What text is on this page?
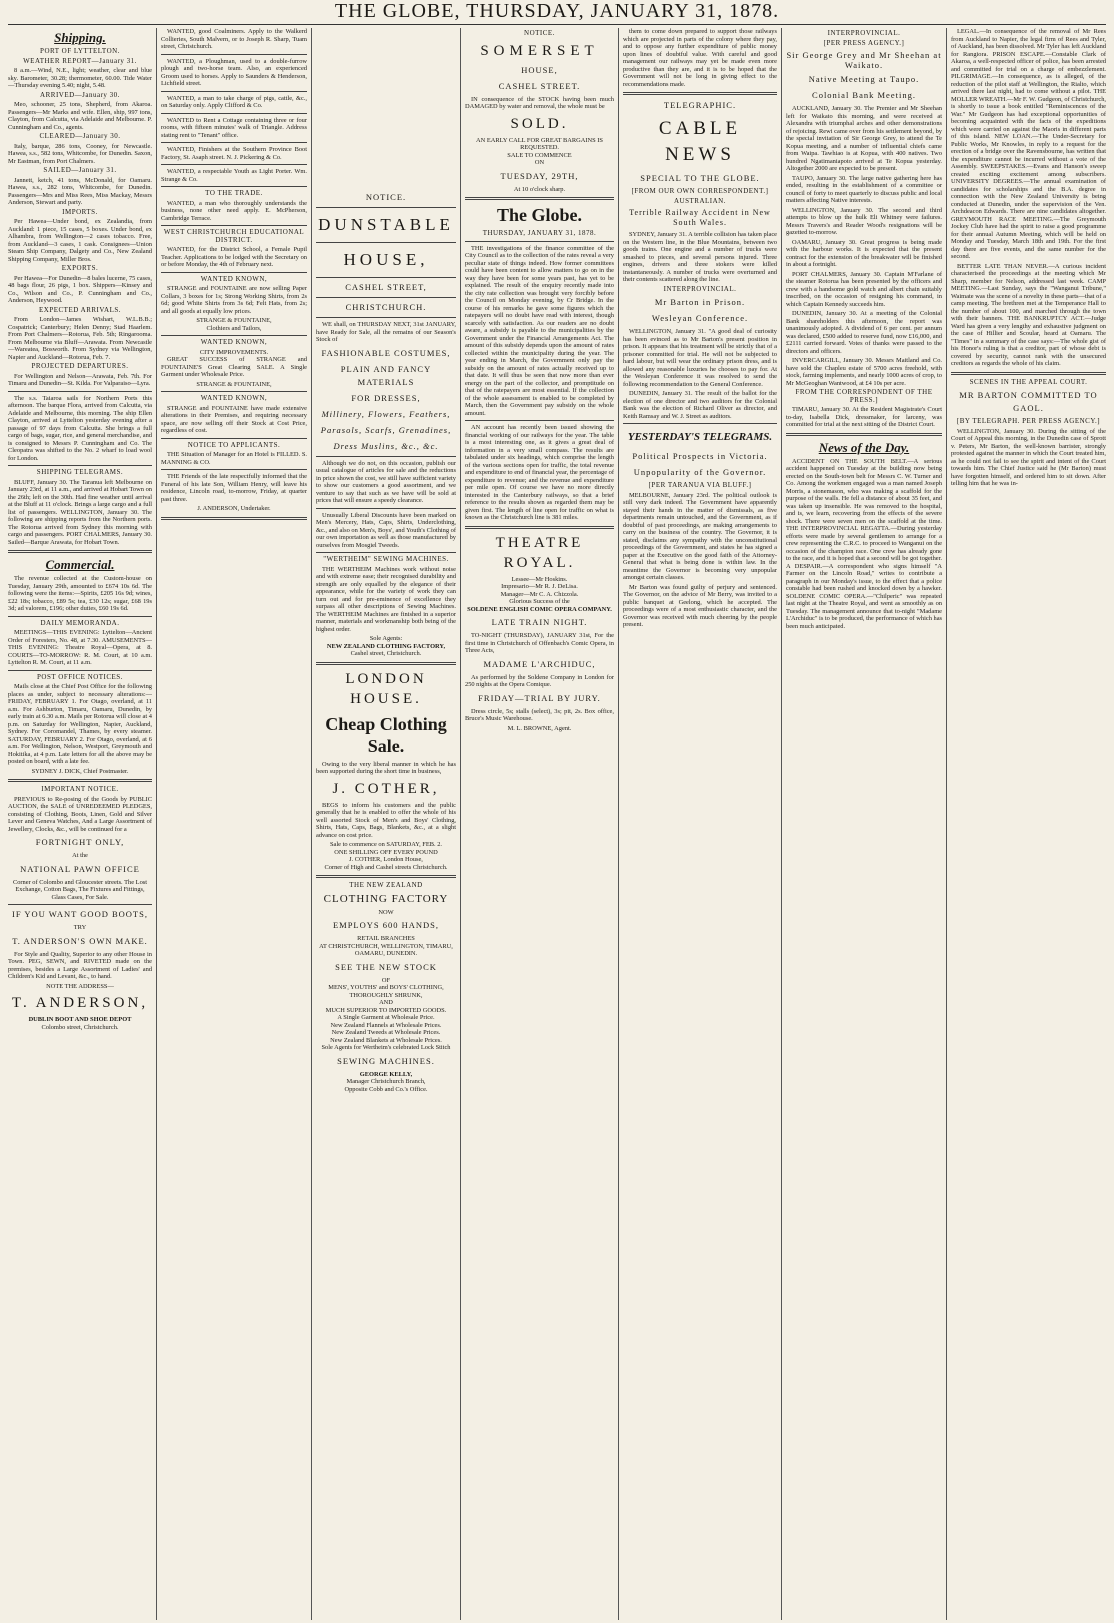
THE GLOBE, THURSDAY, JANUARY 31, 1878.
Shipping.
PORT OF LYTTELTON.
WEATHER REPORT—January 31.
8 a.m.—Wind, N.E., light; weather, clear and blue sky. Barometer, 30.28; thermometer, 60.00. Tide Water—Thursday evening 5.40; night, 5.48.
ARRIVED—January 30.
Meo, schooner, 25 tons, Shepherd, from Akaroa. Passengers—Mr Marks and wife. Ellen, ship, 997 tons, Clayton, from Calcutta, via Adelaide and Melbourne. P. Cunningham and Co., agents.
CLEARED—January 30.
Italy, barque, 286 tons, Cooney, for Newcastle. Hawea, s.s., 582 tons, Whitcombe, for Dunedin. Saxon, Mr Eastman, from Port Chalmers.
SAILED—January 31.
Jannett, ketch, 41 tons, McDonald, for Oamaru. Hawea, s.s., 282 tons, Whitcombe, for Dunedin. Passengers—Mrs and Miss Rees, Miss Mackay, Messrs Anderson, Stewart and party.
IMPORTS.
Per Hawea—Under bond, ex Zealandia, from Auckland: 1 piece, 15 cases, 5 boxes. Under bond, ex Alhambra, from Wellington—2 cases tobacco. Free, from Auckland—3 cases, 1 cask. Consignees—Union Steam Ship Company, Dalgety and Co., New Zealand Shipping Company, Miller Bros.
EXPORTS.
Per Hawea—For Dunedin—8 bales lucerne, 75 cases, 48 bags flour, 26 pigs, 1 box. Shippers—Kinsey and Co., Wilson and Co., P. Cunningham and Co., Anderson, Heywood.
EXPECTED ARRIVALS.
From London—James Wishart, W.L.B.B.; Cospatrick; Canterbury; Helen Denny; Stad Haarlem. From Port Chalmers—Rotorua, Feb. 5th; Ringarooma. From Melbourne via Bluff—Arawata. From Newcastle—Wareatea, Bosworth. From Sydney via Wellington, Napier and Auckland—Rotorua, Feb. 7.
PROJECTED DEPARTURES.
For Wellington and Nelson—Arawata, Feb. 7th. For Timaru and Dunedin—St. Kilda. For Valparaiso—Lyra.
The s.s. Taiaroa sails for Northern Ports this afternoon. The barque Flora, arrived from Calcutta, via Adelaide and Melbourne, this morning. The ship Ellen Clayton, arrived at Lyttelton yesterday evening after a passage of 97 days from Calcutta. She brings a full cargo of bags, sugar, rice, and general merchandise, and is consigned to Messrs P. Cunningham and Co. The Cleopatra was shifted to the No. 2 wharf to load wool for London.
SHIPPING TELEGRAMS.
BLUFF, January 30. The Taranua left Melbourne on January 23rd, at 11 a.m., and arrived at Hobart Town on the 26th; left on the 30th. Had fine weather until arrival at the Bluff at 11 o'clock. Brings a large cargo and a full list of passengers. WELLINGTON, January 30. The following are shipping reports from the Northern ports. The Rotorua arrived from Sydney this morning with cargo and passengers. PORT CHALMERS, January 30. Sailed—Barque Arawata, for Hobart Town.
Commercial.
The revenue collected at the Custom-house on Tuesday, January 29th, amounted to £674 10s 6d. The following were the items:—Spirits, £205 16s 9d; wines, £22 18s; tobacco, £89 5s; tea, £30 12s; sugar, £68 19s 3d; ad valorem, £196; other duties, £60 19s 6d.
DAILY MEMORANDA.
MEETINGS—THIS EVENING: Lyttelton—Ancient Order of Foresters, No. 48, at 7.30. AMUSEMENTS—THIS EVENING: Theatre Royal—Opera, at 8. COURTS—TO-MORROW: R. M. Court, at 10 a.m. Lyttelton R. M. Court, at 11 a.m.
POST OFFICE NOTICES.
Mails close at the Chief Post Office for the following places as under, subject to necessary alterations:— FRIDAY, FEBRUARY 1. For Otago, overland, at 11 a.m. For Ashburton, Timaru, Oamaru, Dunedin, by early train at 6.30 a.m. Mails per Rotorua will close at 4 p.m. on Saturday for Wellington, Napier, Auckland, Sydney. For Coromandel, Thames, by every steamer. SATURDAY, FEBRUARY 2. For Otago, overland, at 6 a.m. For Wellington, Nelson, Westport, Greymouth and Hokitika, at 4 p.m. Late letters for all the above may be posted on board, with a late fee.
SYDNEY J. DICK, Chief Postmaster.
IMPORTANT NOTICE.
PREVIOUS to Re-posing of the Goods by PUBLIC AUCTION, the SALE of UNREDEEMED PLEDGES, consisting of Clothing, Boots, Linen, Gold and Silver Lever and Geneva Watches, And a Large Assortment of Jewellery, Clocks, &c., will be continued for a
FORTNIGHT ONLY,
At the
NATIONAL PAWN OFFICE
Corner of Colombo and Gloucester streets. The Lost Exchange, Cotton Bags, The Fixtures and Fittings, Glass Cases, For Sale.
IF YOU WANT GOOD BOOTS,
TRY
T. ANDERSON'S OWN MAKE.
For Style and Quality, Superior to any other House in Town. PEG, SEWN, and RIVETED made on the premises, besides a Large Assortment of Ladies' and Children's Kid and Levant, &c., to hand.
NOTE THE ADDRESS—
T. ANDERSON,
DUBLIN BOOT AND SHOE DEPOT
Colombo street, Christchurch.
WANTED, good Coalminers. Apply to the Walkerd Collieries, South Malvern, or to Joseph R. Sharp, Tuam street, Christchurch.
WANTED, a Ploughman, used to a double-furrow plough and two-horse team. Also, an experienced Groom used to horses. Apply to Saunders & Henderson, Lichfield street.
WANTED, a man to take charge of pigs, cattle, &c., on Saturday only. Apply Clifford & Co.
WANTED to Rent a Cottage containing three or four rooms, with fifteen minutes' walk of Triangle. Address stating rent to "Tenant" office.
WANTED, Finishers at the Southern Province Boot Factory, St. Asaph street. N. J. Pickering & Co.
WANTED, a respectable Youth as Light Porter. Wm. Strange & Co.
TO THE TRADE.
WANTED, a man who thoroughly understands the business, none other need apply. E. McPherson, Cambridge Terrace.
WEST CHRISTCHURCH EDUCATIONAL DISTRICT.
WANTED, for the District School, a Female Pupil Teacher. Applications to be lodged with the Secretary on or before Monday, the 4th of February next.
WANTED KNOWN,
STRANGE and FOUNTAINE are now selling Paper Collars, 3 boxes for 1s; Strong Working Shirts, from 2s 6d; good White Shirts from 3s 6d; Felt Hats, from 2s; and all goods at equally low prices.
STRANGE & FOUNTAINE,
Clothiers and Tailors,
WANTED KNOWN,
CITY IMPROVEMENTS.
GREAT SUCCESS of STRANGE and FOUNTAINE'S Great Clearing SALE. A Single Garment under Wholesale Price.
STRANGE & FOUNTAINE,
WANTED KNOWN,
STRANGE and FOUNTAINE have made extensive alterations in their Premises, and requiring necessary space, are now selling off their Stock at Cost Price, regardless of cost.
NOTICE TO APPLICANTS.
THE Situation of Manager for an Hotel is FILLED. S. MANNING & CO.
THE Friends of the late respectfully informed that the Funeral of his late Son, William Henry, will leave his residence, Lincoln road, to-morrow, Friday, at quarter past three.
J. ANDERSON, Undertaker.
NOTICE.
DUNSTABLE
HOUSE,
CASHEL STREET,
CHRISTCHURCH.
WE shall, on THURSDAY NEXT, 31st JANUARY, have Ready for Sale, all the remains of our Season's Stock of
FASHIONABLE COSTUMES,
PLAIN AND FANCY MATERIALS
FOR DRESSES,
Millinery, Flowers, Feathers,
Parasols, Scarfs, Grenadines,
Dress Muslins, &c., &c.
Although we do not, on this occasion, publish our usual catalogue of articles for sale and the reductions in price shown the cost, we still have sufficient variety to show our customers a good assortment, and we venture to say that such as we have will be sold at prices that will ensure a speedy clearance.
Unusually Liberal Discounts have been marked on Men's Mercery, Hats, Caps, Shirts, Underclothing, &c., and also on Men's, Boys', and Youth's Clothing of our own importation as well as those manufactured by ourselves from Mosgiel Tweeds.
"WERTHEIM" SEWING MACHINES.
THE WERTHEIM Machines work without noise and with extreme ease; their recognised durability and strength are only equalled by the elegance of their appearance, while for the variety of work they can turn out and for pre-eminence of excellence they surpass all other descriptions of Sewing Machines. The WERTHEIM Machines are finished in a superior manner, materials and workmanship both being of the highest order.
Sole Agents:
NEW ZEALAND CLOTHING FACTORY,
Cashel street, Christchurch.
LONDON HOUSE.
Cheap Clothing Sale.
Owing to the very liberal manner in which he has been supported during the short time in business,
J. COTHER,
BEGS to inform his customers and the public generally that he is enabled to offer the whole of his well assorted Stock of Men's and Boys' Clothing, Shirts, Hats, Caps, Bags, Blankets, &c., at a slight advance on cost price.
Sale to commence on SATURDAY, FEB. 2.
ONE SHILLING OFF EVERY POUND
J. COTHER, London House,
Corner of High and Cashel streets Christchurch.
THE NEW ZEALAND
CLOTHING FACTORY
NOW
EMPLOYS 600 HANDS,
RETAIL BRANCHES
AT CHRISTCHURCH, WELLINGTON, TIMARU, OAMARU, DUNEDIN.
SEE THE NEW STOCK
OF
MENS', YOUTHS' and BOYS' CLOTHING,
THOROUGHLY SHRUNK,
AND
MUCH SUPERIOR TO IMPORTED GOODS.
A Single Garment at Wholesale Price.
New Zealand Flannels at Wholesale Prices.
New Zealand Tweeds at Wholesale Prices.
New Zealand Blankets at Wholesale Prices.
Sole Agents for Wertheim's celebrated Lock Stitch
SEWING MACHINES.
GEORGE KELLY,
Manager Christchurch Branch,
Opposite Cobb and Co.'s Office.
NOTICE.
SOMERSET
HOUSE,
CASHEL STREET.
IN consequence of the STOCK having been much DAMAGED by water and removal, the whole must be
SOLD.
AN EARLY CALL FOR GREAT BARGAINS IS REQUESTED.
SALE TO COMMENCE
ON
TUESDAY, 29TH,
At 10 o'clock sharp.
The Globe.
THURSDAY, JANUARY 31, 1878.
THE investigations of the finance committee of the City Council as to the collection of the rates reveal a very peculiar state of things indeed. How former committees could have been content to allow matters to go on in the way they have been for some years past, has yet to be explained. The result of the enquiry recently made into the city rate collection was brought very forcibly before the Council on Monday evening, by Cr Bridge. In the course of his remarks he gave some figures which the ratepayers will no doubt have read with interest, though scarcely with satisfaction. As our readers are no doubt aware, a subsidy is payable to the municipalities by the Government under the Financial Arrangements Act. The amount of this subsidy depends upon the amount of rates collected within the municipality during the year. The year ending in March, the Government only pay the subsidy on the amount of rates actually received up to that date. It will thus be seen that now more than ever energy on the part of the collector, and promptitude on that of the ratepayers are most essential. If the collection of the whole assessment is enabled to be completed by March, then the Government pay subsidy on the whole amount.
AN account has recently been issued showing the financial working of our railways for the year. The table is a most interesting one, as it gives a great deal of information in a very small compass. The results are tabulated under six headings, which comprise the length of the various sections open for traffic, the total revenue and expenditure to end of financial year, the percentage of expenditure to revenue; and the revenue and expenditure per mile open. Of course we have no more directly interested in the Canterbury railways, so that a brief reference to the results shown as regarded them may be given first. The length of line open for traffic on what is known as the Christchurch line is 381 miles.
THEATRE ROYAL.
Lessee—Mr Hoskins.
Impresario—Mr R. J. DeLisa.
Manager—Mr C. A. Chizzola.
Glorious Success of the
SOLDENE ENGLISH COMIC OPERA COMPANY.
LATE TRAIN NIGHT.
TO-NIGHT (THURSDAY), JANUARY 31st, For the first time in Christchurch of Offenbach's Comic Opera, in Three Acts,
MADAME L'ARCHIDUC,
As performed by the Soldene Company in London for 250 nights at the Opera Comique.
FRIDAY—TRIAL BY JURY.
Dress circle, 5s; stalls (select), 3s; pit, 2s. Box office, Bruce's Music Warehouse.
M. L. BROWNE, Agent.
them to come down prepared to support those railways which are projected in parts of the colony where they pay, and to oppose any further expenditure of public money upon lines of doubtful value. With careful and good management our railways may yet be made even more productive than they are, and it is to be hoped that the Government will not be long in giving effect to the recommendations made.
TELEGRAPHIC.
CABLE NEWS
SPECIAL TO THE GLOBE.
[FROM OUR OWN CORRESPONDENT.]
AUSTRALIAN.
Terrible Railway Accident in New South Wales.
SYDNEY, January 31. A terrible collision has taken place on the Western line, in the Blue Mountains, between two goods trains. One engine and a number of trucks were smashed to pieces, and several persons injured. Three engines, drivers and three stokers were killed instantaneously. A number of trucks were overturned and their contents scattered along the line.
INTERPROVINCIAL.
Mr Barton in Prison.
Wesleyan Conference.
WELLINGTON, January 31. "A good deal of curiosity has been evinced as to Mr Barton's present position in prison. It appears that his treatment will be strictly that of a prisoner committed for trial. He will not be subjected to hard labour, but will wear the ordinary prison dress, and is allowed any reasonable luxuries he chooses to pay for. At the Wesleyan Conference it was resolved to send the following recommendation to the General Conference.
DUNEDIN, January 31. The result of the ballot for the election of one director and two auditors for the Colonial Bank was the election of Richard Oliver as director, and Keith Ramsay and W. J. Street as auditors.
YESTERDAY'S TELEGRAMS.
Political Prospects in Victoria.
Unpopularity of the Governor.
[PER TARANUA VIA BLUFF.]
MELBOURNE, January 23rd. The political outlook is still very dark indeed. The Government have apparently stayed their hands in the matter of dismissals, as five departments remain untouched, and the Government, as if doubtful of past proceedings, are making arrangements to carry on the business of the country. The Governor, it is stated, disclaims any sympathy with the unconstitutional proceedings of the Government, and states he has signed a paper at the Executive on the good faith of the Attorney-General that what is being done is within law. In the meantime the Governor is becoming very unpopular amongst certain classes.
Mr Barton was found guilty of perjury and sentenced. The Governor, on the advice of Mr Berry, was invited to a public banquet at Geelong, which he accepted. The proceedings were of a most enthusiastic character, and the Governor was received with much cheering by the people present.
INTERPROVINCIAL.
[PER PRESS AGENCY.]
Sir George Grey and Mr Sheehan at Waikato.
Native Meeting at Taupo.
Colonial Bank Meeting.
AUCKLAND, January 30. The Premier and Mr Sheehan left for Waikato this morning, and were received at Alexandra with triumphal arches and other demonstrations of rejoicing. Rewi came over from his settlement beyond, by the special invitation of Sir George Grey, to attend the Te Kopua meeting, and a number of influential chiefs came from Waipa. Tawhiao is at Kopua, with 400 natives. Two hundred Ngatimaniapoto arrived at Te Kopua yesterday. Altogether 2000 are expected to be present.
TAUPO, January 30. The large native gathering here has ended, resulting in the establishment of a committee or council of forty to meet quarterly to discuss public and local matters affecting Native interests.
WELLINGTON, January 30. The second and third attempts to blow up the hulk Eli Whitney were failures. Messrs Travers's and Reader Wood's resignations will be gazetted to-morrow.
OAMARU, January 30. Great progress is being made with the harbour works. It is expected that the present contract for the extension of the breakwater will be finished in about a fortnight.
PORT CHALMERS, January 30. Captain M'Farlane of the steamer Rotorua has been presented by the officers and crew with a handsome gold watch and albert chain suitably inscribed, on the occasion of resigning his command, in which Captain Kennedy succeeds him.
DUNEDIN, January 30. At a meeting of the Colonial Bank shareholders this afternoon, the report was unanimously adopted. A dividend of 6 per cent. per annum was declared, £500 added to reserve fund, now £16,000, and £2111 carried forward. Votes of thanks were passed to the directors and officers.
INVERCARGILL, January 30. Messrs Maitland and Co. have sold the Chapleu estate of 5700 acres freehold, with stock, farming implements, and nearly 1000 acres of crop, to Mr McGeoghan Wantwood, at £4 10s per acre.
FROM THE CORRESPONDENT OF THE PRESS.]
TIMARU, January 30. At the Resident Magistrate's Court to-day, Isabella Dick, dressmaker, for larceny, was committed for trial at the next sitting of the District Court.
News of the Day.
ACCIDENT ON THE SOUTH BELT.—A serious accident happened on Tuesday at the building now being erected on the South-town belt for Messrs C. W. Turner and Co. Among the workmen engaged was a man named Joseph Morris, a stonemason, who was making a scaffold for the purpose of the walls. He fell a distance of about 35 feet, and was taken up insensible. He was removed to the hospital, and is, we learn, recovering from the effects of the severe shock. There were seven men on the scaffold at the time. THE INTERPROVINCIAL REGATTA.—During yesterday efforts were made by several gentlemen to arrange for a crew representing the C.R.C. to proceed to Wanganui on the occasion of the champion race. One crew has already gone to the race, and it is hoped that a second will be got together. A DESPAIR.—A correspondent who signs himself "A Farmer on the Lincoln Road," writes to contribute a paragraph in our Monday's issue, to the effect that a police constable had been rushed and knocked down by a hawker. SOLDENE COMIC OPERA.—"Chilperic" was repeated last night at the Theatre Royal, and went as smoothly as on Tuesday. The management announce that to-night "Madame L'Archiduc" is to be produced, the performance of which has been much anticipated.
LEGAL.—In consequence of the removal of Mr Rees from Auckland to Napier, the legal firm of Rees and Tyler, of Auckland, has been dissolved. Mr Tyler has left Auckland for Rangiora. PRISON ESCAPE.—Constable Clark of Akaroa, a well-respected officer of police, has been arrested and committed for trial on a charge of embezzlement. PILGRIMAGE.—In consequence, as is alleged, of the reduction of the pilot staff at Wellington, the Rialto, which arrived there last night, had to come without a pilot. THE MOLLER WREATH.—Mr F. W. Gudgeon, of Christchurch, is shortly to issue a book entitled "Reminiscences of the War." Mr Gudgeon has had exceptional opportunities of becoming acquainted with the facts of the expeditions which were carried on against the Maoris in different parts of this island. NEW LOAN.—The Under-Secretary for Public Works, Mr Knowles, in reply to a request for the erection of a bridge over the Ravensbourne, has written that the expenditure cannot be incurred without a vote of the Assembly. SWEEPSTAKES.—Evans and Hanson's sweep created exciting excitement among subscribers. UNIVERSITY DEGREES.—The annual examination of candidates for scholarships and the B.A. degree in connection with the New Zealand University is being conducted at Dunedin, under the supervision of the Ven. Archdeacon Edwards. There are nine candidates altogether. GREYMOUTH RACE MEETING.—The Greymouth Jockey Club have had the spirit to raise a good programme for their annual Autumn Meeting, which will be held on Monday and Tuesday, March 18th and 19th. For the first day there are five events, and the same number for the second.
BETTER LATE THAN NEVER.—A curious incident characterised the proceedings at the meeting which Mr Sharp, member for Nelson, addressed last week. CAMP MEETING.—Last Sunday, says the "Wanganui Tribune," Waimate was the scene of a novelty in these parts—that of a camp meeting. The brethren met at the Temperance Hall to the number of about 100, and marched through the town with their banners. THE BANKRUPTCY ACT.—Judge Ward has given a very lengthy and exhaustive judgment on the case of Hillier and Scoular, heard at Oamaru. The "Times" in a summary of the case says:—The whole gist of his Honor's ruling is that a creditor, part of whose debt is covered by security, cannot rank with the unsecured creditors as regards the whole of his claim.
SCENES IN THE APPEAL COURT.
MR BARTON COMMITTED TO GAOL.
[BY TELEGRAPH. PER PRESS AGENCY.]
WELLINGTON, January 30. During the sitting of the Court of Appeal this morning, in the Dunedin case of Sprott v. Peters, Mr Barton, the well-known barrister, strongly protested against the manner in which the Court treated him, as he could not fail to see the spirit and intent of the Court towards him. The Chief Justice said he (Mr Barton) must have forgotten himself, and ordered him to sit down. After telling him that he was in-
